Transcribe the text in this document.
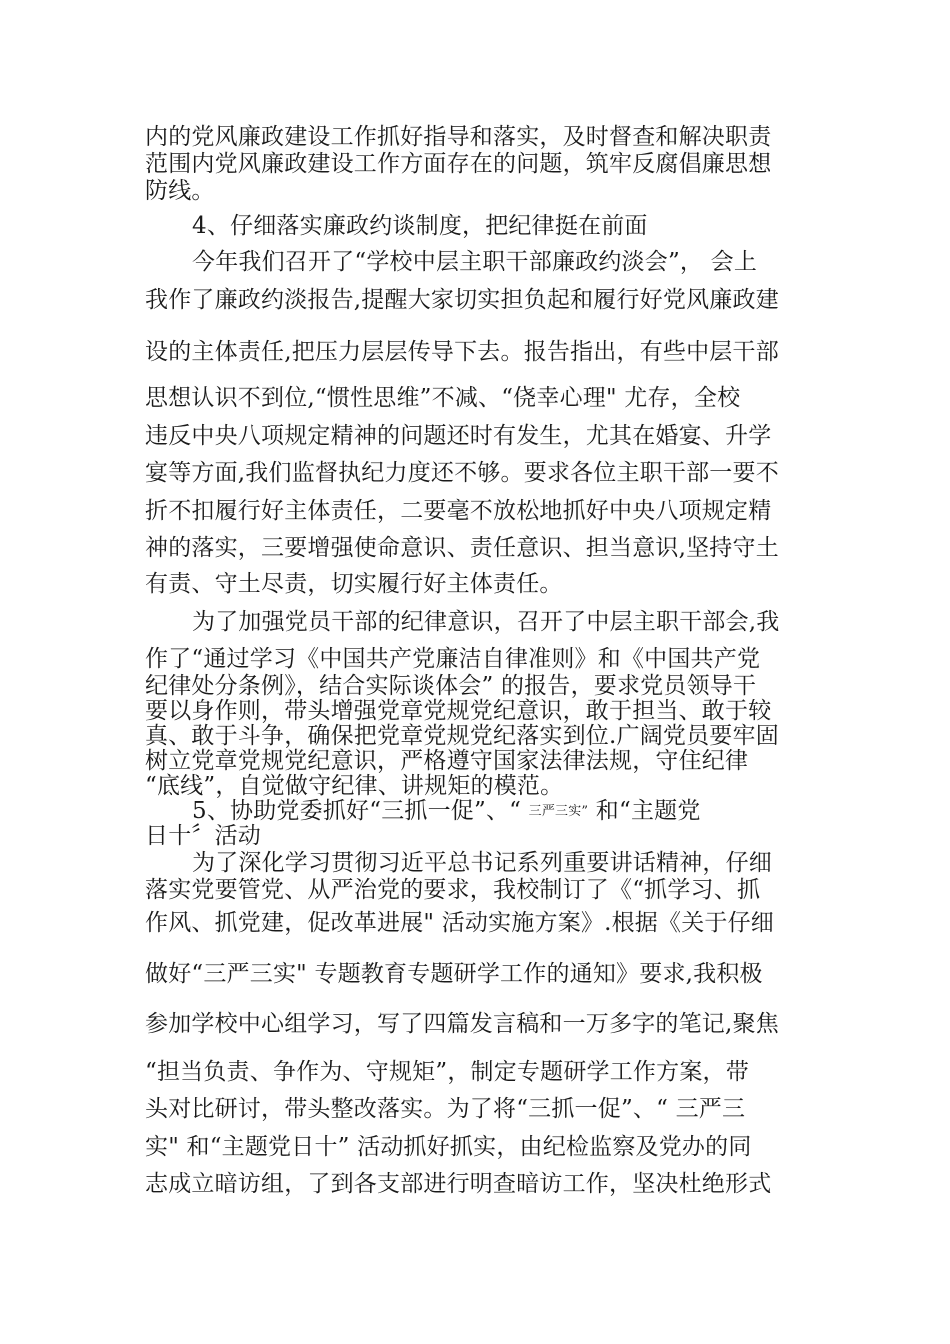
内的党风廉政建设工作抓好指导和落实，及时督查和解决职责
范围内党风廉政建设工作方面存在的问题，筑牢反腐倡廉思想
防线。
4、仔细落实廉政约谈制度，把纪律挺在前面
今年我们召开了“学校中层主职干部廉政约淡会”， 会上
我作了廉政约淡报告,提醒大家切实担负起和履行好党风廉政建
设的主体责任,把压力层层传导下去。报告指出，有些中层干部
思想认识不到位,“惯性思维”不减、“侥幸心理" 尤存，全校
违反中央八项规定精神的问题还时有发生，尤其在婚宴、升学
宴等方面,我们监督执纪力度还不够。要求各位主职干部一要不
折不扣履行好主体责任，二要毫不放松地抓好中央八项规定精
神的落实，三要增强使命意识、责任意识、担当意识,坚持守土
有责、守土尽责，切实履行好主体责任。
为了加强党员干部的纪律意识，召开了中层主职干部会,我
作了“通过学习《中国共产党廉洁自律准则》和《中国共产党
纪律处分条例》，结合实际谈体会” 的报告，要求党员领导干
要以身作则，带头增强党章党规党纪意识，敢于担当、敢于较
真、敢于斗争，确保把党章党规党纪落实到位.广阔党员要牢固
树立党章党规党纪意识，严格遵守国家法律法规，守住纪律
“底线”，自觉做守纪律、讲规矩的模范。
5、协助党委抓好“三抓一促”、“ 三严三实” 和“主题党
日十〞活动
为了深化学习贯彻习近平总书记系列重要讲话精神，仔细
落实党要管党、从严治党的要求，我校制订了《“抓学习、抓
作风、抓党建，促改革进展" 活动实施方案》.根据《关于仔细
做好“三严三实" 专题教育专题研学工作的通知》要求,我积极
参加学校中心组学习，写了四篇发言稿和一万多字的笔记,聚焦
“担当负责、争作为、守规矩”，制定专题研学工作方案，带
头对比研讨，带头整改落实。为了将“三抓一促”、“ 三严三
实" 和“主题党日十” 活动抓好抓实，由纪检监察及党办的同
志成立暗访组，了到各支部进行明查暗访工作，坚决杜绝形式
